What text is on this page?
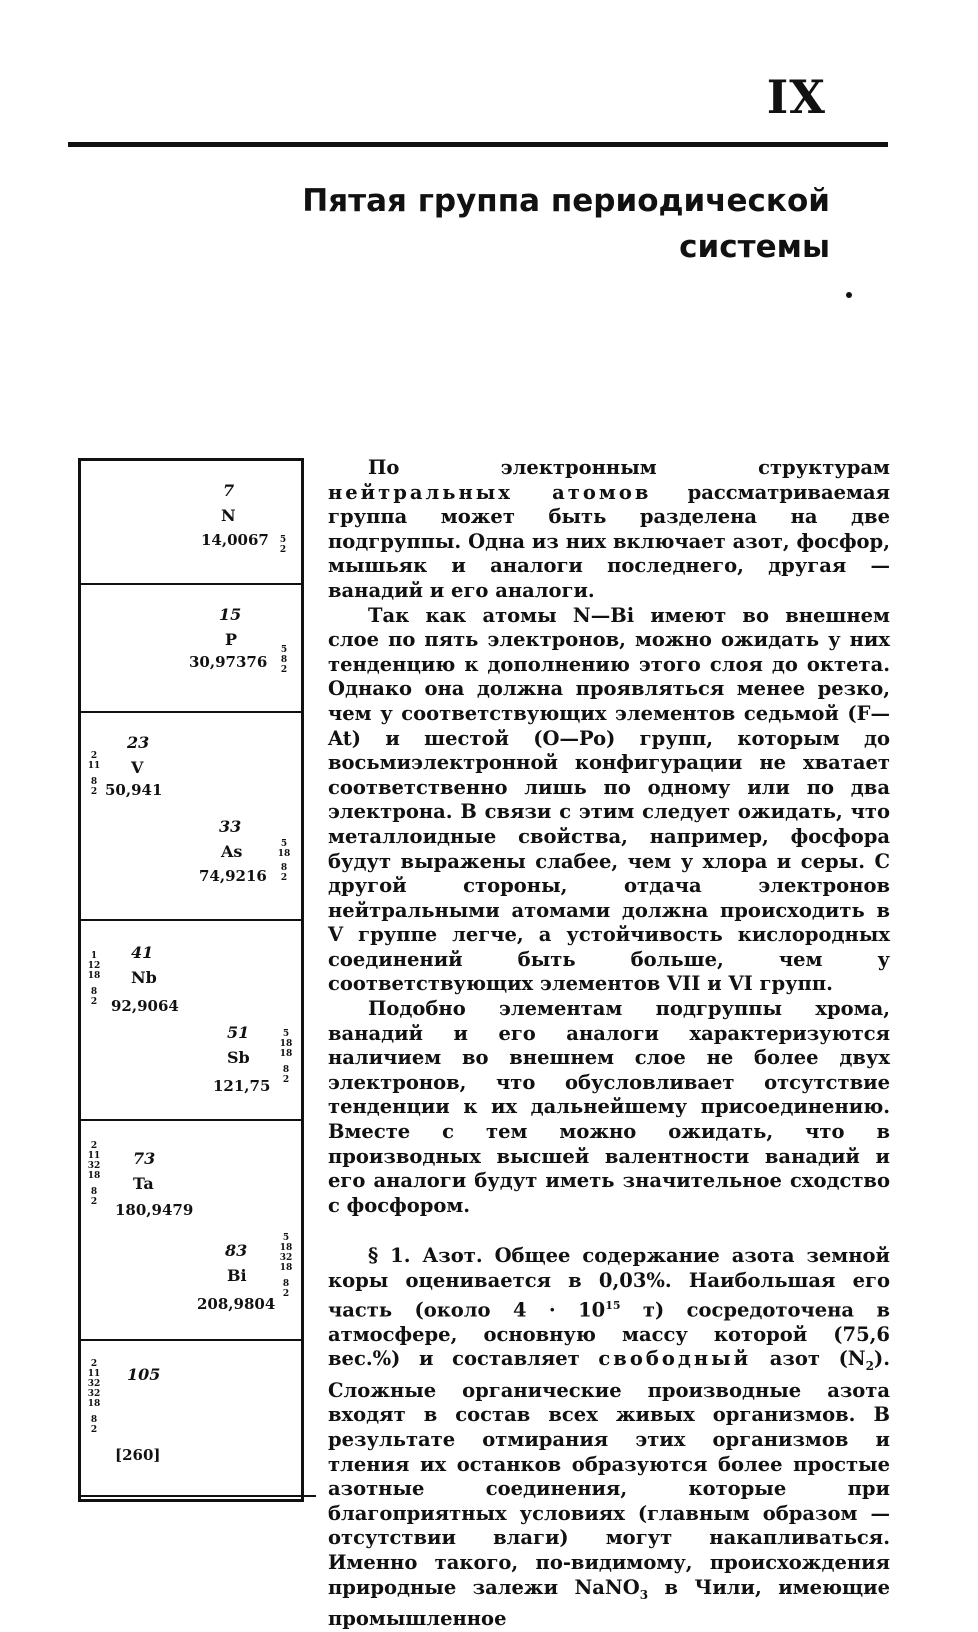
IX
Пятая группа периодической
системы
7
N
14,0067	5
2
15
P
30,97376
5
8
2
23
V
50,941
2
11
8
2
33
As
74,9216
5
18
8
2
41
Nb
92,9064
1
12
18
8
2
51
Sb
121,75
5
18
18
8
2
73
Ta
180,9479
2
11
32
18
8
2
83
Bi
208,9804
5
18
32
18
8
2
105
[260]
2
11
32
32
18
8
2

По электронным структурам нейтральных атомов рассматриваемая группа может быть разделена на две подгруппы. Одна из них включает азот, фосфор, мышьяк и аналоги последнего, другая — ванадий и его аналоги.

Так как атомы N—Bi имеют во внешнем слое по пять электронов, можно ожидать у них тенденцию к дополнению этого слоя до октета. Однако она должна проявляться менее резко, чем у соответствующих элементов седьмой (F—At) и шестой (O—Po) групп, которым до восьмиэлектронной конфигурации не хватает соответственно лишь по одному или по два электрона. В связи с этим следует ожидать, что металлоидные свойства, например, фосфора будут выражены слабее, чем у хлора и серы. С другой стороны, отдача электронов нейтральными атомами должна происходить в V группе легче, а устойчивость кислородных соединений быть больше, чем у соответствующих элементов VII и VI групп.

Подобно элементам подгруппы хрома, ванадий и его аналоги характеризуются наличием во внешнем слое не более двух электронов, что обусловливает отсутствие тенденции к их дальнейшему присоединению. Вместе с тем можно ожидать, что в производных высшей валентности ванадий и его аналоги будут иметь значительное сходство с фосфором.

§ 1. Азот. Общее содержание азота земной коры оценивается в 0,03%. Наибольшая его часть (около $4 \cdot 10^{15}$ т) сосредоточена в атмосфере, основную массу которой (75,6 вес.%) и составляет свободный азот $(N_2)$. Сложные органические производные азота входят в состав всех живых организмов. В результате отмирания этих организмов и тления их останков образуются более простые азотные соединения, которые при благоприятных условиях (главным образом — отсутствии влаги) могут накапливаться. Именно такого, по-видимому, происхождения природные залежи NaNO$_3$ в Чили, имеющие промышленное
